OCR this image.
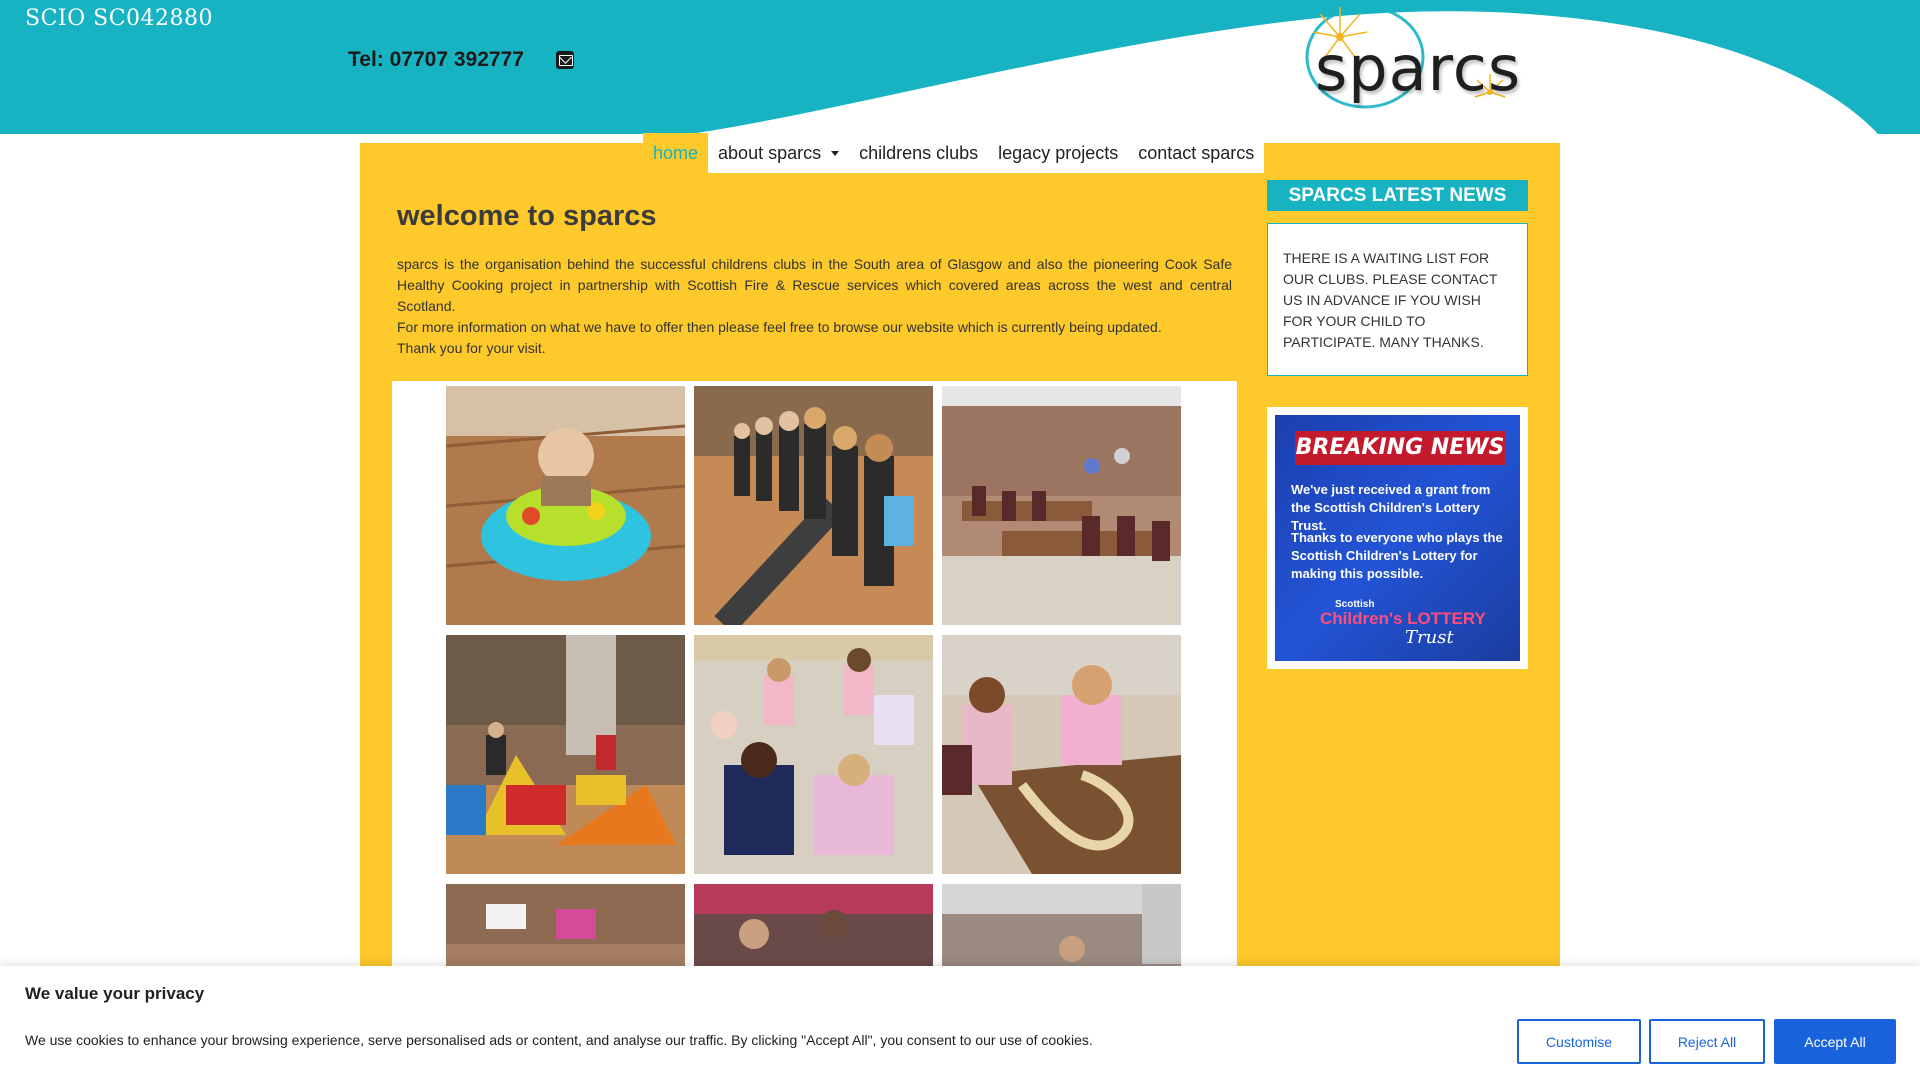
SCIO SC042880
Tel: 07707 392777	sparcs
home	about sparcs	childrens clubs	legacy projects	contact sparcs
welcome to sparcs

sparcs is the organisation behind the successful childrens clubs in the South area of Glasgow and also the pioneering Cook Safe Healthy Cooking project in partnership with Scottish Fire & Rescue services which covered areas across the west and central Scotland.

For more information on what we have to offer then please feel free to browse our website which is currently being updated.

Thank you for your visit.

SPARCS LATEST NEWS
THERE IS A WAITING LIST FOR OUR CLUBS. PLEASE CONTACT US IN ADVANCE IF YOU WISH FOR YOUR CHILD TO PARTICIPATE. MANY THANKS.
BREAKING NEWS
We've just received a grant from the Scottish Children's Lottery Trust.
Thanks to everyone who plays the Scottish Children's Lottery for making this possible.
Scottish
Children's LOTTERY
Trust
We value your privacy
We use cookies to enhance your browsing experience, serve personalised ads or content, and analyse our traffic. By clicking "Accept All", you consent to our use of cookies.	Customise	Reject All	Accept All
